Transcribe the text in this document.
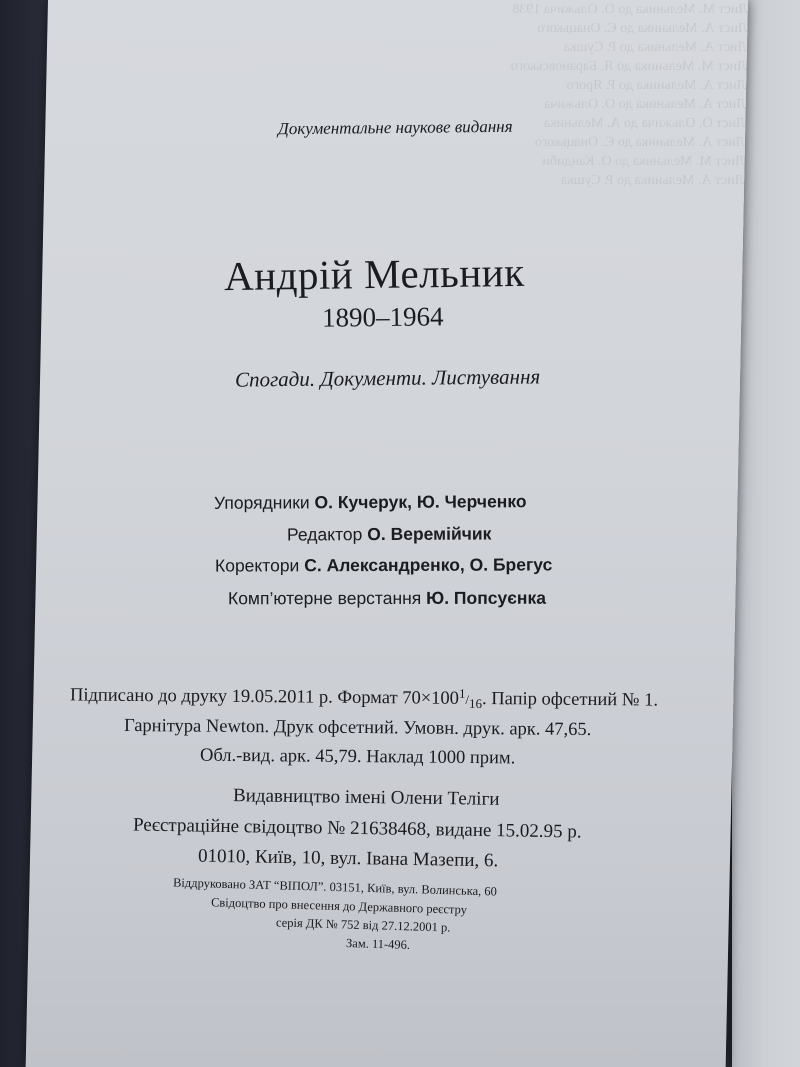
Лист М. Мельника до О. Ольжича 1938
Лист А. Мельника до Є. Онацького
Лист А. Мельника до Р. Сушка
Лист М. Мельника до Я. Барановського
Лист А. Мельника до Р. Ярого
Лист А. Мельника до О. Ольжича
Лист О. Ольжича до А. Мельника
Лист А. Мельника до Є. Онацького
Лист М. Мельника до О. Кандиби
Лист А. Мельника до Р. Сушка
Документальне наукове видання
Андрій Мельник
1890–1964
Спогади. Документи. Листування
Упорядники О. Кучерук, Ю. Черченко
Редактор О. Веремійчик
Коректори С. Александренко, О. Брегус
Комп’ютерне верстання Ю. Попсуєнка
Підписано до друку 19.05.2011 р. Формат 70×1001/16. Папір офсетний № 1.
Гарнітура Newton. Друк офсетний. Умовн. друк. арк. 47,65.
Обл.-вид. арк. 45,79. Наклад 1000 прим.
Видавництво імені Олени Теліги
Реєстраційне свідоцтво № 21638468, видане 15.02.95 р.
01010, Київ, 10, вул. Івана Мазепи, 6.
Віддруковано ЗАТ “ВІПОЛ”. 03151, Київ, вул. Волинська, 60
Свідоцтво про внесення до Державного реєстру
серія ДК № 752 від 27.12.2001 р.
Зам. 11-496.
